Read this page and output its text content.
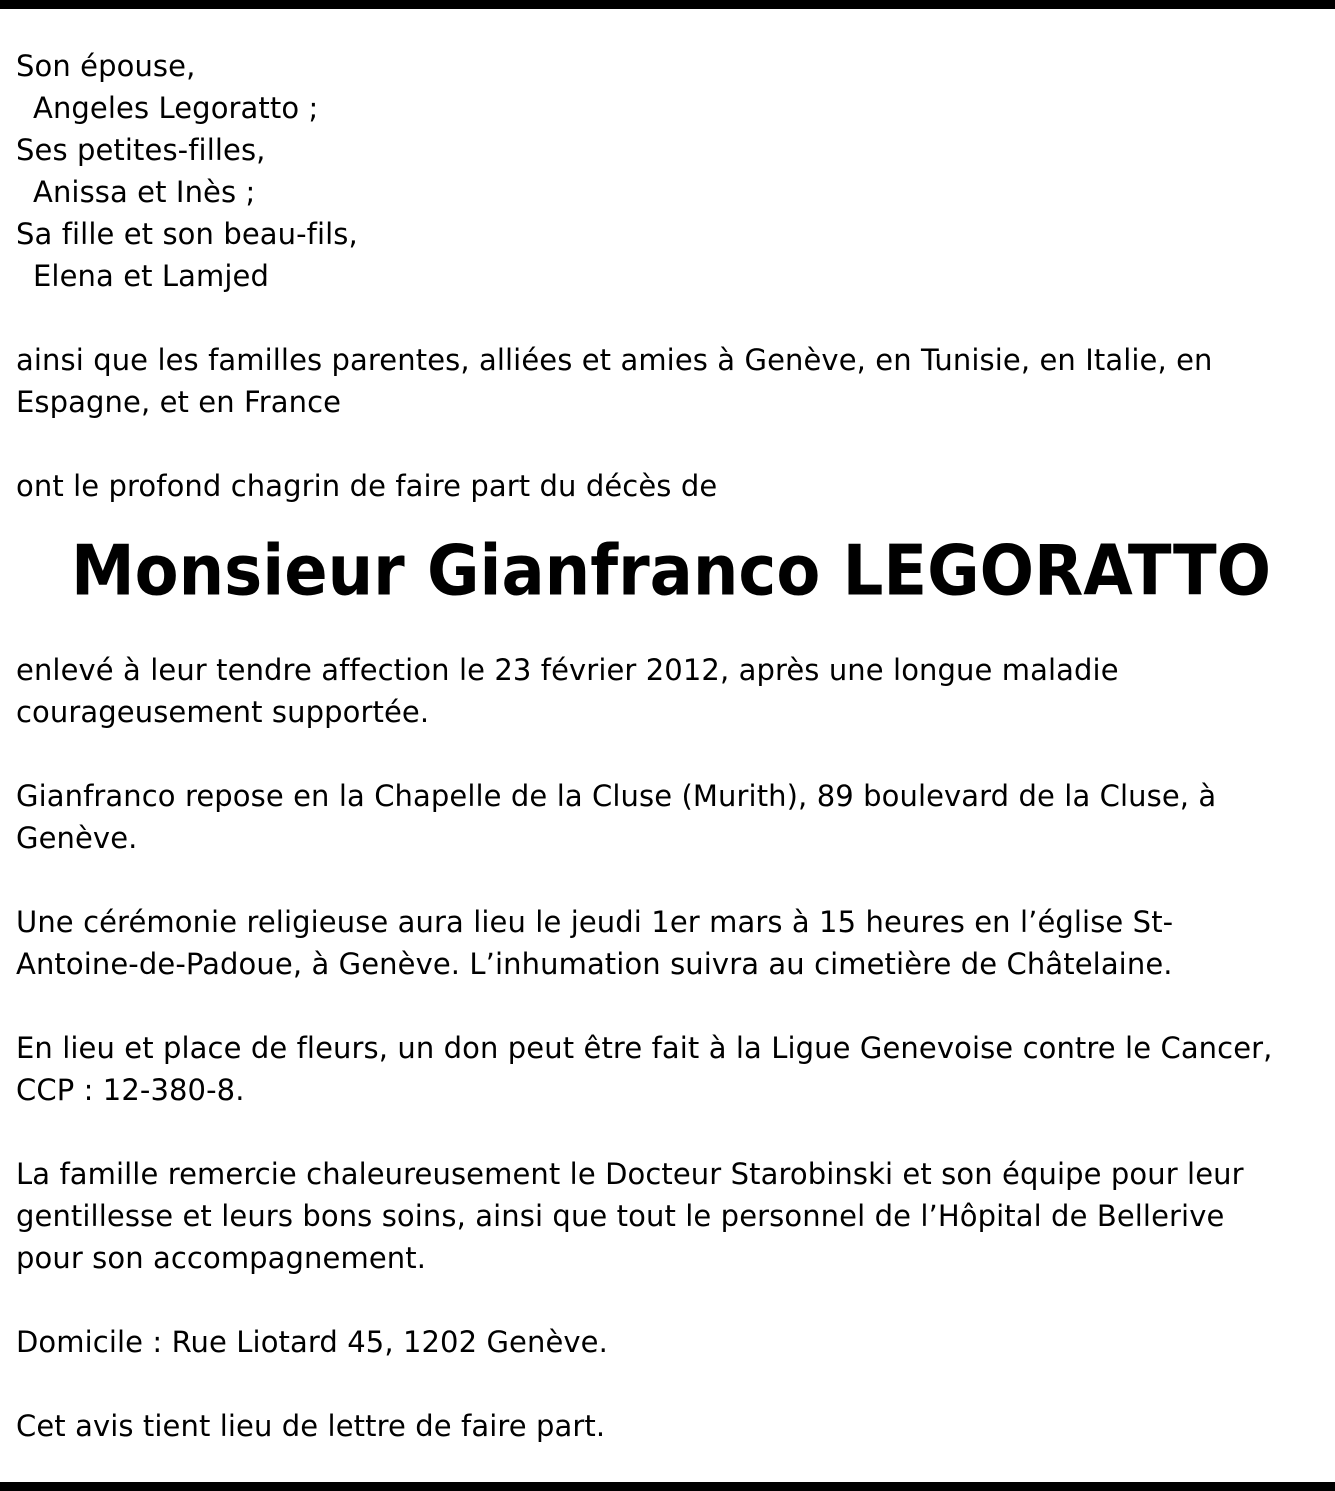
Son épouse,

Angeles Legoratto ;

Ses petites-filles,

Anissa et Inès ;

Sa fille et son beau-fils,

Elena et Lamjed

ainsi que les familles parentes, alliées et amies à Genève, en Tunisie, en Italie, en

Espagne, et en France

ont le profond chagrin de faire part du décès de

Monsieur Gianfranco LEGORATTO

enlevé à leur tendre affection le 23 février 2012, après une longue maladie

courageusement supportée.

Gianfranco repose en la Chapelle de la Cluse (Murith), 89 boulevard de la Cluse, à

Genève.

Une cérémonie religieuse aura lieu le jeudi 1er mars à 15 heures en l’église St-

Antoine-de-Padoue, à Genève. L’inhumation suivra au cimetière de Châtelaine.

En lieu et place de fleurs, un don peut être fait à la Ligue Genevoise contre le Cancer,

CCP : 12-380-8.

La famille remercie chaleureusement le Docteur Starobinski et son équipe pour leur

gentillesse et leurs bons soins, ainsi que tout le personnel de l’Hôpital de Bellerive

pour son accompagnement.

Domicile : Rue Liotard 45, 1202 Genève.

Cet avis tient lieu de lettre de faire part.
